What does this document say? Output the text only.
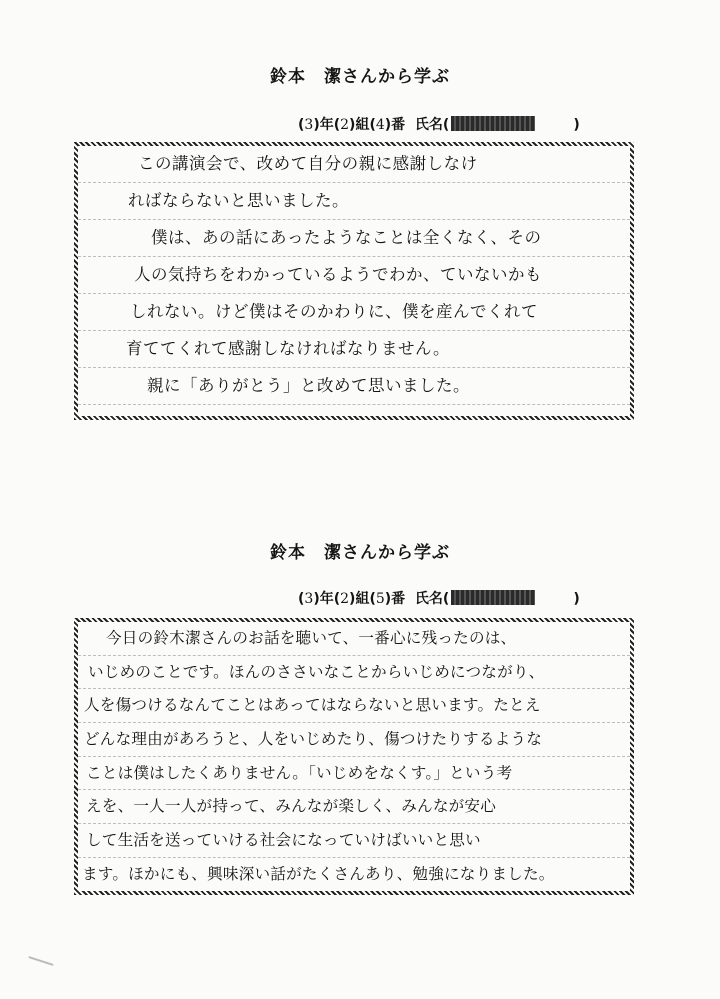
鈴本 潔さんから学ぶ
(3)年(2)組(4)番 氏名(	)
この講演会で、改めて自分の親に感謝しなけ
ればならないと思いました。
　僕は、あの話にあったようなことは全くなく、その
人の気持ちをわかっているようでわか、ていないかも
しれない。けど僕はそのかわりに、僕を産んでくれて
育ててくれて感謝しなければなりません。
　親に「ありがとう」と改めて思いました。
鈴本 潔さんから学ぶ
(3)年(2)組(5)番 氏名(	)
今日の鈴木潔さんのお話を聴いて、一番心に残ったのは、
いじめのことです。ほんのささいなことからいじめにつながり、
人を傷つけるなんてことはあってはならないと思います。たとえ
どんな理由があろうと、人をいじめたり、傷つけたりするような
ことは僕はしたくありません。「いじめをなくす。」という考
えを、一人一人が持って、みんなが楽しく、みんなが安心
して生活を送っていける社会になっていけばいいと思い
ます。ほかにも、興味深い話がたくさんあり、勉強になりました。
